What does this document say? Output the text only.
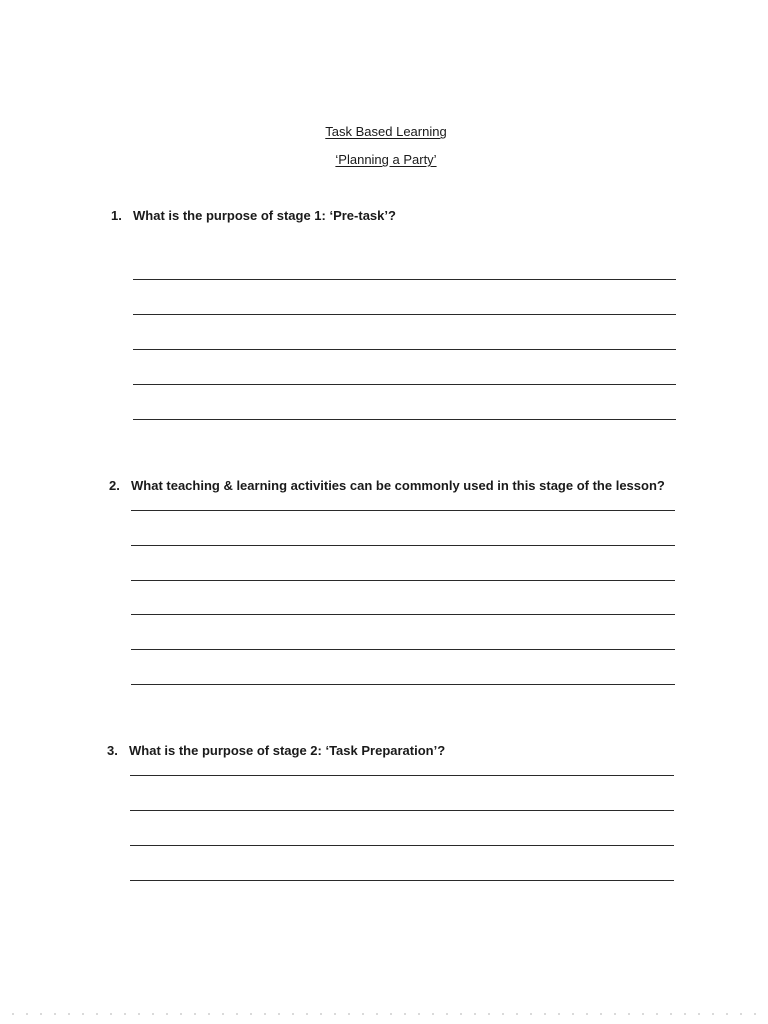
Task Based Learning
‘Planning a Party’
1. What is the purpose of stage 1: ‘Pre-task’?
2. What teaching & learning activities can be commonly used in this stage of the lesson?
3. What is the purpose of stage 2: ‘Task Preparation’?
